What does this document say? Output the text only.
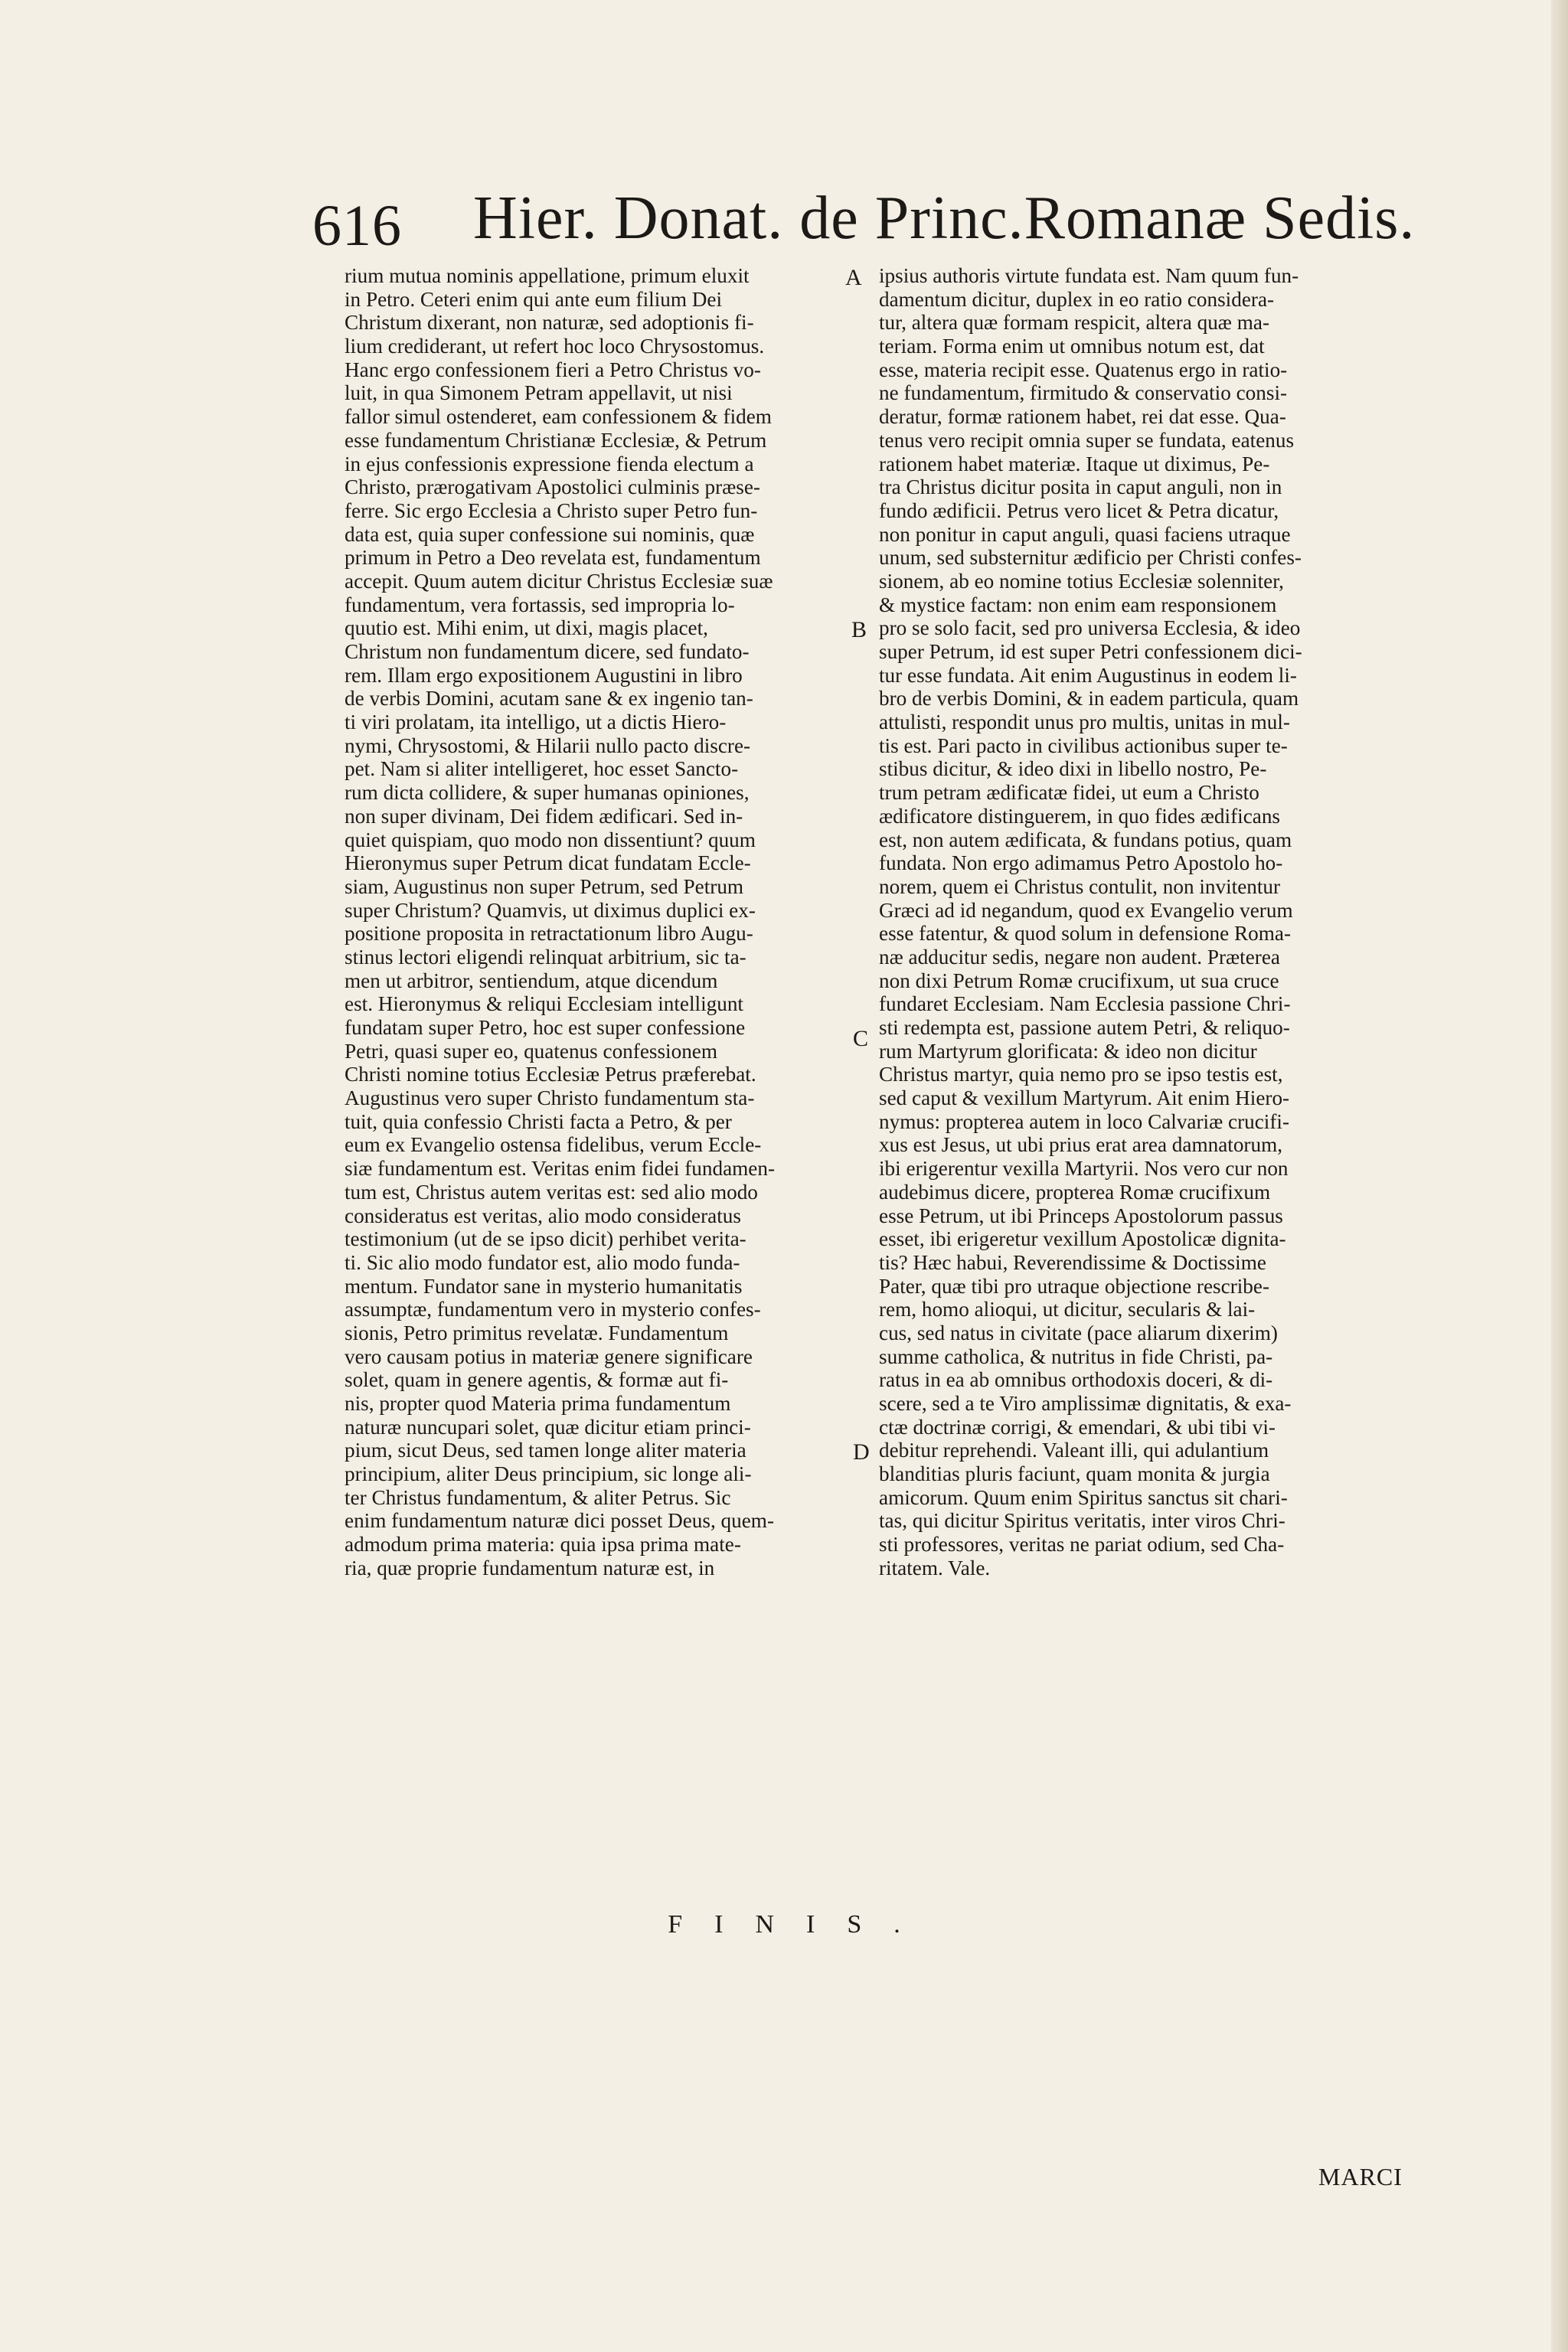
616 Hier. Donat. de Princ.Romanæ Sedis.
rium mutua nominis appellatione, primum eluxit
in Petro. Ceteri enim qui ante eum filium Dei
Christum dixerant, non naturæ, sed adoptionis fi-
lium crediderant, ut refert hoc loco Chrysostomus.
Hanc ergo confessionem fieri a Petro Christus vo-
luit, in qua Simonem Petram appellavit, ut nisi
fallor simul ostenderet, eam confessionem & fidem
esse fundamentum Christianæ Ecclesiæ, & Petrum
in ejus confessionis expressione fienda electum a
Christo, prærogativam Apostolici culminis præse-
ferre. Sic ergo Ecclesia a Christo super Petro fun-
data est, quia super confessione sui nominis, quæ
primum in Petro a Deo revelata est, fundamentum
accepit. Quum autem dicitur Christus Ecclesiæ suæ
fundamentum, vera fortassis, sed impropria lo-
quutio est. Mihi enim, ut dixi, magis placet,
Christum non fundamentum dicere, sed fundato-
rem. Illam ergo expositionem Augustini in libro
de verbis Domini, acutam sane & ex ingenio tan-
ti viri prolatam, ita intelligo, ut a dictis Hiero-
nymi, Chrysostomi, & Hilarii nullo pacto discre-
pet. Nam si aliter intelligeret, hoc esset Sancto-
rum dicta collidere, & super humanas opiniones,
non super divinam, Dei fidem ædificari. Sed in-
quiet quispiam, quo modo non dissentiunt? quum
Hieronymus super Petrum dicat fundatam Eccle-
siam, Augustinus non super Petrum, sed Petrum
super Christum? Quamvis, ut diximus duplici ex-
positione proposita in retractationum libro Augu-
stinus lectori eligendi relinquat arbitrium, sic ta-
men ut arbitror, sentiendum, atque dicendum
est. Hieronymus & reliqui Ecclesiam intelligunt
fundatam super Petro, hoc est super confessione
Petri, quasi super eo, quatenus confessionem
Christi nomine totius Ecclesiæ Petrus præferebat.
Augustinus vero super Christo fundamentum sta-
tuit, quia confessio Christi facta a Petro, & per
eum ex Evangelio ostensa fidelibus, verum Eccle-
siæ fundamentum est. Veritas enim fidei fundamen-
tum est, Christus autem veritas est: sed alio modo
consideratus est veritas, alio modo consideratus
testimonium (ut de se ipso dicit) perhibet verita-
ti. Sic alio modo fundator est, alio modo funda-
mentum. Fundator sane in mysterio humanitatis
assumptæ, fundamentum vero in mysterio confes-
sionis, Petro primitus revelatæ. Fundamentum
vero causam potius in materiæ genere significare
solet, quam in genere agentis, & formæ aut fi-
nis, propter quod Materia prima fundamentum
naturæ nuncupari solet, quæ dicitur etiam princi-
pium, sicut Deus, sed tamen longe aliter materia
principium, aliter Deus principium, sic longe ali-
ter Christus fundamentum, & aliter Petrus. Sic
enim fundamentum naturæ dici posset Deus, quem-
admodum prima materia: quia ipsa prima mate-
ria, quæ proprie fundamentum naturæ est, in
ipsius authoris virtute fundata est. Nam quum fun-
damentum dicitur, duplex in eo ratio considera-
tur, altera quæ formam respicit, altera quæ ma-
teriam. Forma enim ut omnibus notum est, dat
esse, materia recipit esse. Quatenus ergo in ratio-
ne fundamentum, firmitudo & conservatio consi-
deratur, formæ rationem habet, rei dat esse. Qua-
tenus vero recipit omnia super se fundata, eatenus
rationem habet materiæ. Itaque ut diximus, Pe-
tra Christus dicitur posita in caput anguli, non in
fundo ædificii. Petrus vero licet & Petra dicatur,
non ponitur in caput anguli, quasi faciens utraque
unum, sed substernitur ædificio per Christi confes-
sionem, ab eo nomine totius Ecclesiæ solenniter,
& mystice factam: non enim eam responsionem
pro se solo facit, sed pro universa Ecclesia, & ideo
super Petrum, id est super Petri confessionem dici-
tur esse fundata. Ait enim Augustinus in eodem li-
bro de verbis Domini, & in eadem particula, quam
attulisti, respondit unus pro multis, unitas in mul-
tis est. Pari pacto in civilibus actionibus super te-
stibus dicitur, & ideo dixi in libello nostro, Pe-
trum petram ædificatæ fidei, ut eum a Christo
ædificatore distinguerem, in quo fides ædificans
est, non autem ædificata, & fundans potius, quam
fundata. Non ergo adimamus Petro Apostolo ho-
norem, quem ei Christus contulit, non invitentur
Græci ad id negandum, quod ex Evangelio verum
esse fatentur, & quod solum in defensione Roma-
næ adducitur sedis, negare non audent. Præterea
non dixi Petrum Romæ crucifixum, ut sua cruce
fundaret Ecclesiam. Nam Ecclesia passione Chri-
sti redempta est, passione autem Petri, & reliquo-
rum Martyrum glorificata: & ideo non dicitur
Christus martyr, quia nemo pro se ipso testis est,
sed caput & vexillum Martyrum. Ait enim Hiero-
nymus: propterea autem in loco Calvariæ crucifi-
xus est Jesus, ut ubi prius erat area damnatorum,
ibi erigerentur vexilla Martyrii. Nos vero cur non
audebimus dicere, propterea Romæ crucifixum
esse Petrum, ut ibi Princeps Apostolorum passus
esset, ibi erigeretur vexillum Apostolicæ dignita-
tis? Hæc habui, Reverendissime & Doctissime
Pater, quæ tibi pro utraque objectione rescribe-
rem, homo alioqui, ut dicitur, secularis & lai-
cus, sed natus in civitate (pace aliarum dixerim)
summe catholica, & nutritus in fide Christi, pa-
ratus in ea ab omnibus orthodoxis doceri, & di-
scere, sed a te Viro amplissimæ dignitatis, & exa-
ctæ doctrinæ corrigi, & emendari, & ubi tibi vi-
debitur reprehendi. Valeant illi, qui adulantium
blanditias pluris faciunt, quam monita & jurgia
amicorum. Quum enim Spiritus sanctus sit chari-
tas, qui dicitur Spiritus veritatis, inter viros Chri-
sti professores, veritas ne pariat odium, sed Cha-
ritatem. Vale.
A
B
C
D
FINIS.
MARCI
